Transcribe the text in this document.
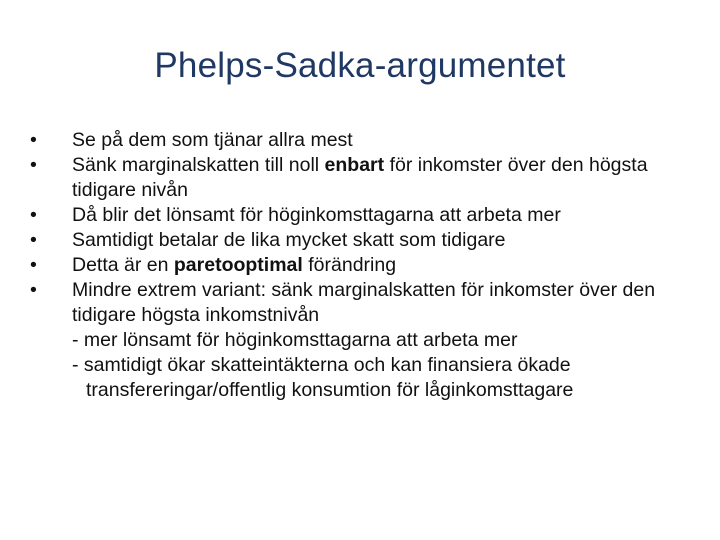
Phelps-Sadka-argumentet
•	Se på dem som tjänar allra mest
•	Sänk marginalskatten till noll enbart för inkomster över den högsta tidigare nivån
•	Då blir det lönsamt för höginkomsttagarna att arbeta mer
•	Samtidigt betalar de lika mycket skatt som tidigare
•	Detta är en paretooptimal förändring
•	Mindre extrem variant: sänk marginalskatten för inkomster över den tidigare högsta inkomstnivån
- mer lönsamt för höginkomsttagarna att arbeta mer
- samtidigt ökar skatteintäkterna och kan finansiera ökade
transfereringar/offentlig konsumtion för låginkomsttagare
